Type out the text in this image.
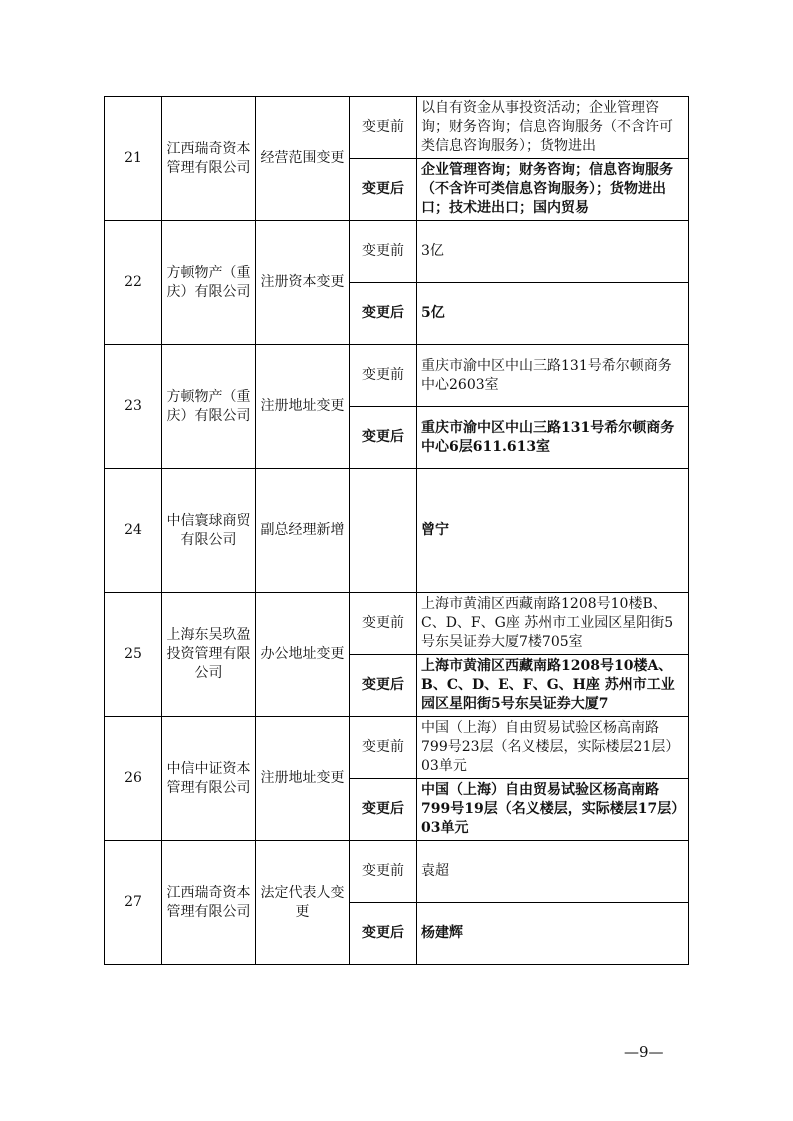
21	江西瑞奇资本管理有限公司	经营范围变更	变更前	以自有资金从事投资活动；企业管理咨询；财务咨询；信息咨询服务（不含许可类信息咨询服务）；货物进出
			变更后	企业管理咨询；财务咨询；信息咨询服务（不含许可类信息咨询服务）；货物进出口；技术进出口；国内贸易
22	方顿物产（重庆）有限公司	注册资本变更	变更前	3亿
			变更后	5亿
23	方顿物产（重庆）有限公司	注册地址变更	变更前	重庆市渝中区中山三路131号希尔顿商务中心2603室
			变更后	重庆市渝中区中山三路131号希尔顿商务中心6层611.613室
24	中信寰球商贸有限公司	副总经理新增		曾宁
25	上海东吴玖盈投资管理有限公司	办公地址变更	变更前	上海市黄浦区西藏南路1208号10楼B、C、D、F、G座 苏州市工业园区星阳街5号东吴证券大厦7楼705室
			变更后	上海市黄浦区西藏南路1208号10楼A、B、C、D、E、F、G、H座 苏州市工业园区星阳街5号东吴证券大厦7
26	中信中证资本管理有限公司	注册地址变更	变更前	中国（上海）自由贸易试验区杨高南路799号23层（名义楼层，实际楼层21层）03单元
			变更后	中国（上海）自由贸易试验区杨高南路799号19层（名义楼层，实际楼层17层）03单元
27	江西瑞奇资本管理有限公司	法定代表人变更	变更前	袁超
			变更后	杨建辉
—9—
